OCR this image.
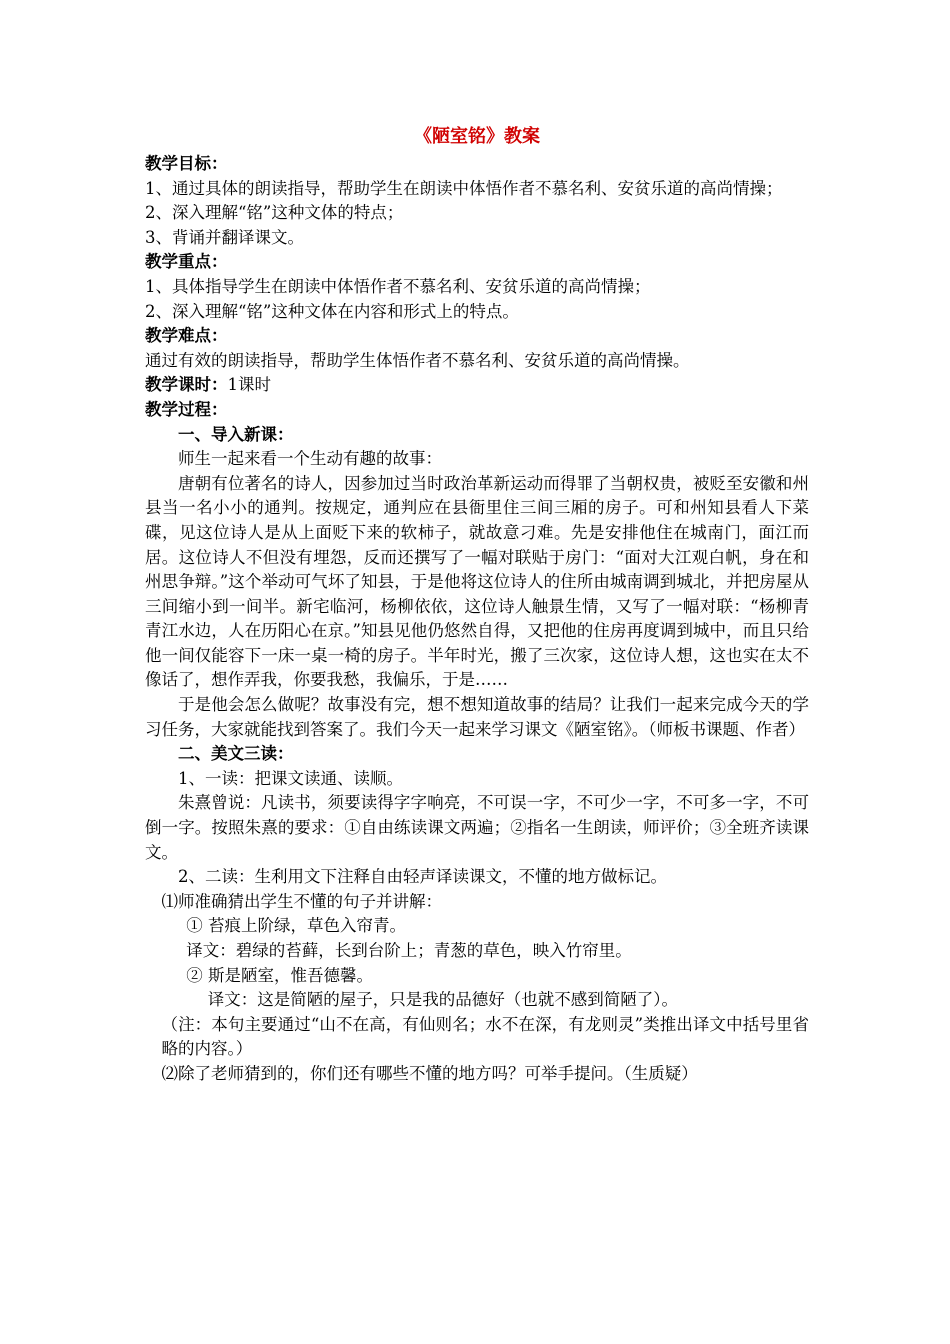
《陋室铭》教案

教学目标：

1、通过具体的朗读指导，帮助学生在朗读中体悟作者不慕名利、安贫乐道的高尚情操；

2、深入理解“铭”这种文体的特点；

3、背诵并翻译课文。

教学重点：

1、具体指导学生在朗读中体悟作者不慕名利、安贫乐道的高尚情操；

2、深入理解“铭”这种文体在内容和形式上的特点。

教学难点：

通过有效的朗读指导，帮助学生体悟作者不慕名利、安贫乐道的高尚情操。

教学课时：1课时

教学过程：

一、导入新课：

师生一起来看一个生动有趣的故事：

唐朝有位著名的诗人，因参加过当时政治革新运动而得罪了当朝权贵，被贬至安徽和州县当一名小小的通判。按规定，通判应在县衙里住三间三厢的房子。可和州知县看人下菜碟，见这位诗人是从上面贬下来的软柿子，就故意刁难。先是安排他住在城南门，面江而居。这位诗人不但没有埋怨，反而还撰写了一幅对联贴于房门：“面对大江观白帆，身在和州思争辩。”这个举动可气坏了知县，于是他将这位诗人的住所由城南调到城北，并把房屋从三间缩小到一间半。新宅临河，杨柳依依，这位诗人触景生情，又写了一幅对联：“杨柳青青江水边，人在历阳心在京。”知县见他仍悠然自得，又把他的住房再度调到城中，而且只给他一间仅能容下一床一桌一椅的房子。半年时光，搬了三次家，这位诗人想，这也实在太不像话了，想作弄我，你要我愁，我偏乐，于是……

于是他会怎么做呢？故事没有完，想不想知道故事的结局？让我们一起来完成今天的学习任务，大家就能找到答案了。我们今天一起来学习课文《陋室铭》。（师板书课题、作者）

二、美文三读：

1、一读：把课文读通、读顺。

朱熹曾说：凡读书，须要读得字字响亮，不可误一字，不可少一字，不可多一字，不可倒一字。按照朱熹的要求：①自由练读课文两遍；②指名一生朗读，师评价；③全班齐读课文。

2、二读：生利用文下注释自由轻声译读课文，不懂的地方做标记。

⑴师准确猜出学生不懂的句子并讲解：

① 苔痕上阶绿，草色入帘青。

译文：碧绿的苔藓，长到台阶上；青葱的草色，映入竹帘里。

② 斯是陋室，惟吾德馨。

译文：这是简陋的屋子，只是我的品德好（也就不感到简陋了）。

（注：本句主要通过“山不在高，有仙则名；水不在深，有龙则灵”类推出译文中括号里省略的内容。）

⑵除了老师猜到的，你们还有哪些不懂的地方吗？可举手提问。（生质疑）
